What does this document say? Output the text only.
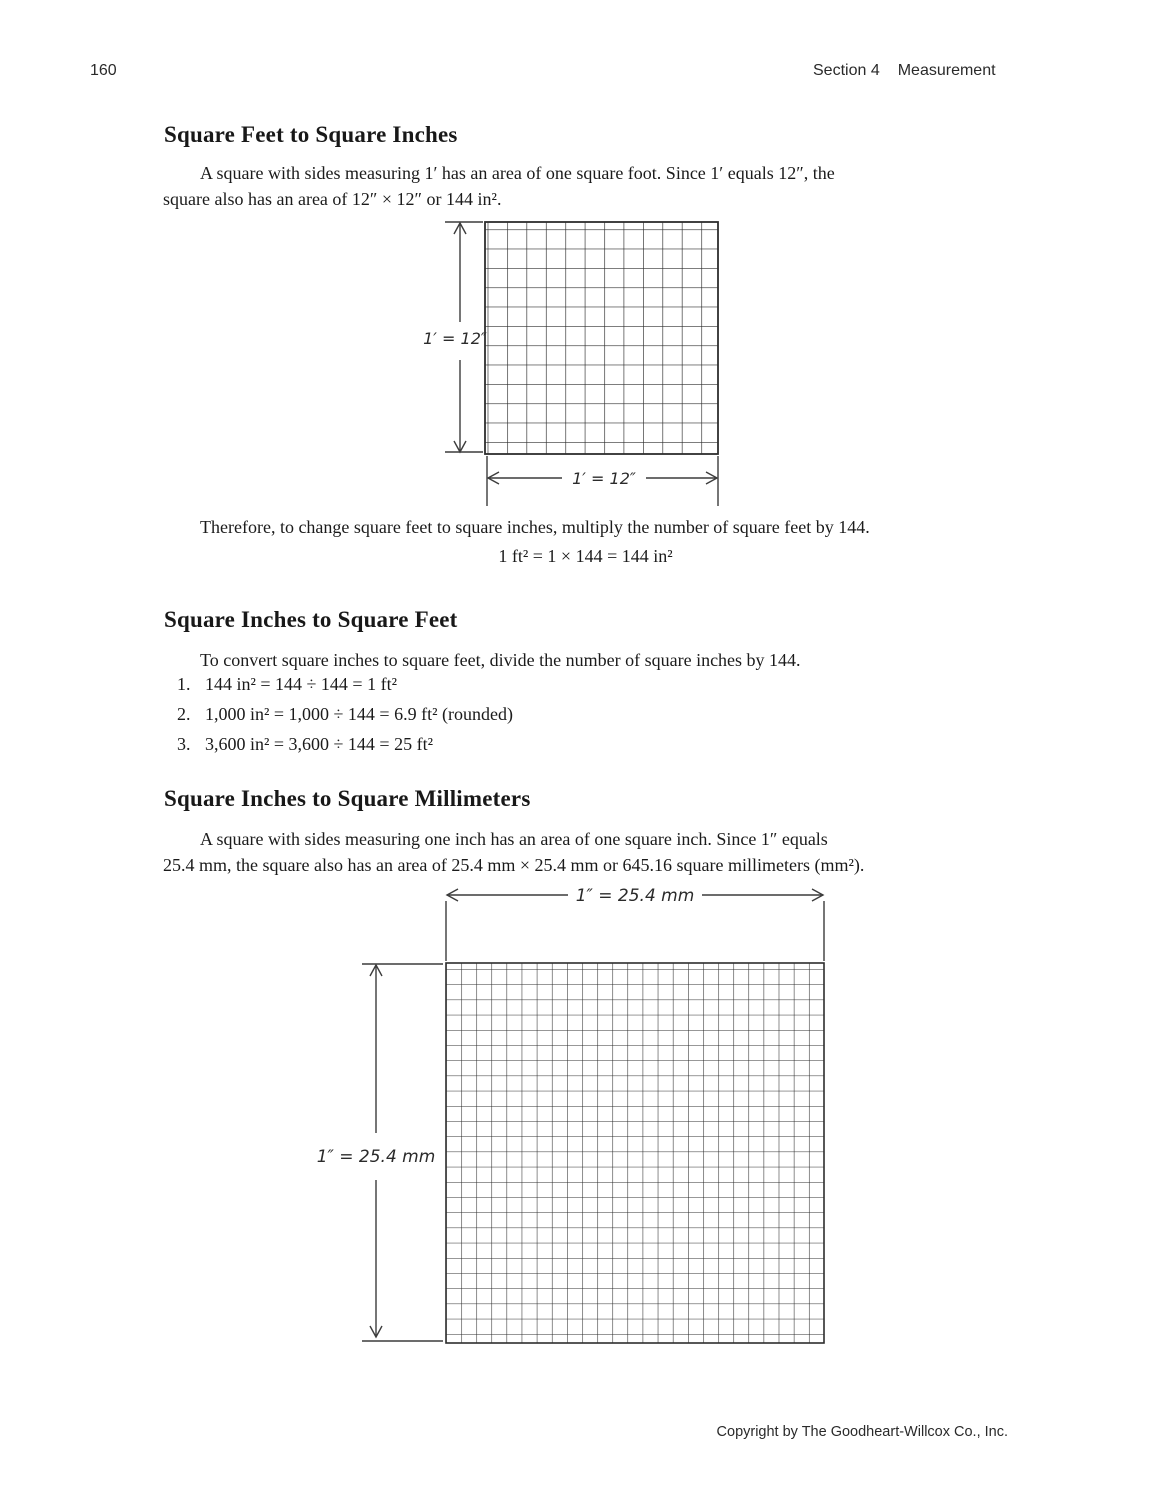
160	Section 4 Measurement
Square Feet to Square Inches

A square with sides measuring 1′ has an area of one square foot. Since 1′ equals 12″, the
square also has an area of 12″ × 12″ or 144 in².

1′ = 12″
1′ = 12″

Therefore, to change square feet to square inches, multiply the number of square feet by 144.

1 ft² = 1 × 144 = 144 in²

Square Inches to Square Feet

To convert square inches to square feet, divide the number of square inches by 144.

1. 144 in² = 144 ÷ 144 = 1 ft²
2. 1,000 in² = 1,000 ÷ 144 = 6.9 ft² (rounded)
3. 3,600 in² = 3,600 ÷ 144 = 25 ft²
Square Inches to Square Millimeters

A square with sides measuring one inch has an area of one square inch. Since 1″ equals
25.4 mm, the square also has an area of 25.4 mm × 25.4 mm or 645.16 square millimeters (mm²).

1″ = 25.4 mm
1″ = 25.4 mm
Copyright by The Goodheart-Willcox Co., Inc.
